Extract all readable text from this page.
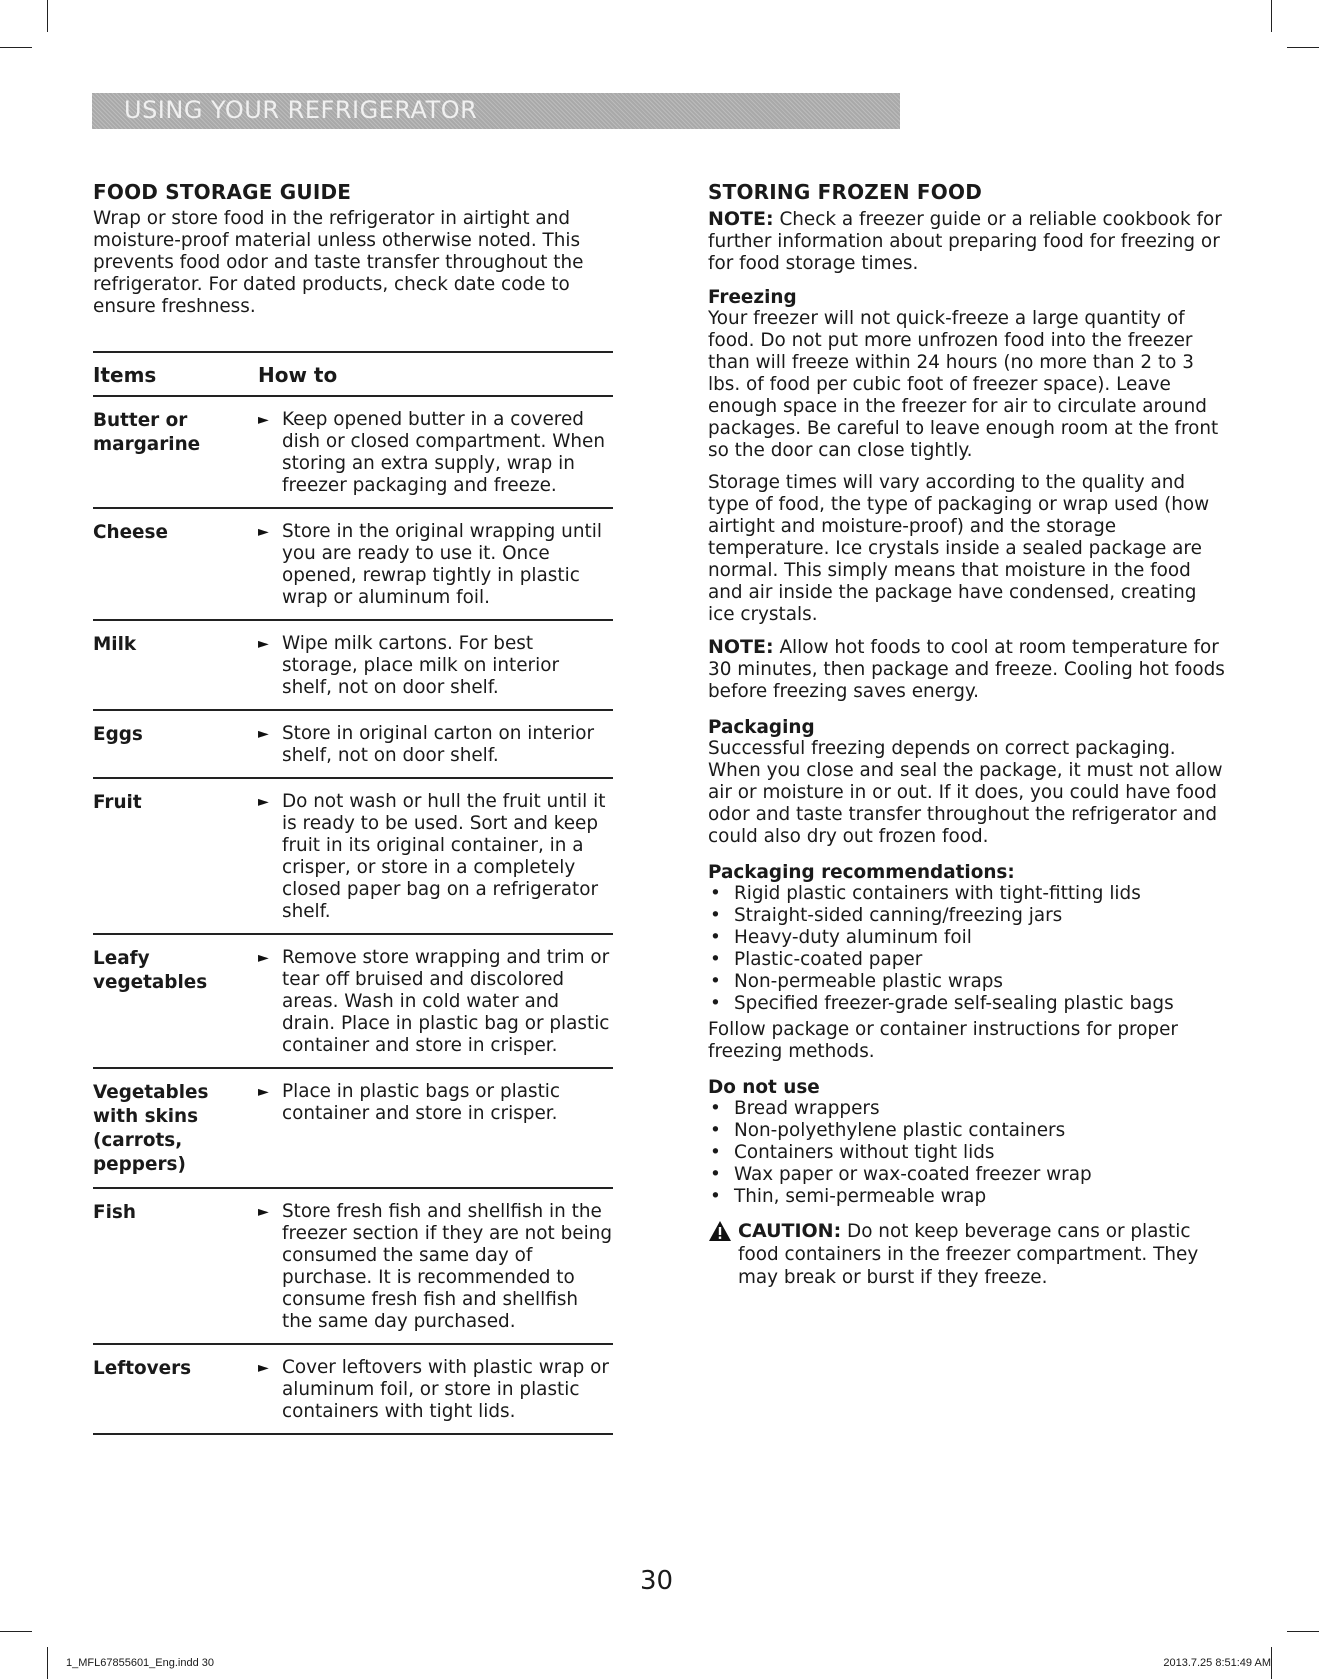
USING YOUR REFRIGERATOR
FOOD STORAGE GUIDE

Wrap or store food in the refrigerator in airtight and moisture-proof material unless otherwise noted. This prevents food odor and taste transfer throughout the refrigerator. For dated products, check date code to ensure freshness.

Items	How to
Butter or margarine	► Keep opened butter in a covered dish or closed compartment. When storing an extra supply, wrap in freezer packaging and freeze.

Cheese	► Store in the original wrapping until you are ready to use it. Once opened, rewrap tightly in plastic wrap or aluminum foil.

Milk	► Wipe milk cartons. For best storage, place milk on interior shelf, not on door shelf.

Eggs	► Store in original carton on interior shelf, not on door shelf.

Fruit	► Do not wash or hull the fruit until it is ready to be used. Sort and keep fruit in its original container, in a crisper, or store in a completely closed paper bag on a refrigerator shelf.

Leafy vegetables	► Remove store wrapping and trim or tear off bruised and discolored areas. Wash in cold water and drain. Place in plastic bag or plastic container and store in crisper.

Vegetables with skins (carrots, peppers)	► Place in plastic bags or plastic container and store in crisper.

Fish	► Store fresh fish and shellfish in the freezer section if they are not being consumed the same day of purchase. It is recommended to consume fresh fish and shellfish the same day purchased.

Leftovers	► Cover leftovers with plastic wrap or aluminum foil, or store in plastic containers with tight lids.
STORING FROZEN FOOD

NOTE: Check a freezer guide or a reliable cookbook for further information about preparing food for freezing or for food storage times.

Freezing

Your freezer will not quick-freeze a large quantity of food. Do not put more unfrozen food into the freezer than will freeze within 24 hours (no more than 2 to 3 lbs. of food per cubic foot of freezer space). Leave enough space in the freezer for air to circulate around packages. Be careful to leave enough room at the front so the door can close tightly.

Storage times will vary according to the quality and type of food, the type of packaging or wrap used (how airtight and moisture-proof) and the storage temperature. Ice crystals inside a sealed package are normal. This simply means that moisture in the food and air inside the package have condensed, creating ice crystals.

NOTE: Allow hot foods to cool at room temperature for 30 minutes, then package and freeze. Cooling hot foods before freezing saves energy.

Packaging

Successful freezing depends on correct packaging. When you close and seal the package, it must not allow air or moisture in or out. If it does, you could have food odor and taste transfer throughout the refrigerator and could also dry out frozen food.

Packaging recommendations:
• Rigid plastic containers with tight-fitting lids
• Straight-sided canning/freezing jars
• Heavy-duty aluminum foil
• Plastic-coated paper
• Non-permeable plastic wraps
• Specified freezer-grade self-sealing plastic bags

Follow package or container instructions for proper freezing methods.

Do not use
• Bread wrappers
• Non-polyethylene plastic containers
• Containers without tight lids
• Wax paper or wax-coated freezer wrap
• Thin, semi-permeable wrap
CAUTION: Do not keep beverage cans or plastic food containers in the freezer compartment. They may break or burst if they freeze.
30
1_MFL67855601_Eng.indd 30	2013.7.25 8:51:49 AM
